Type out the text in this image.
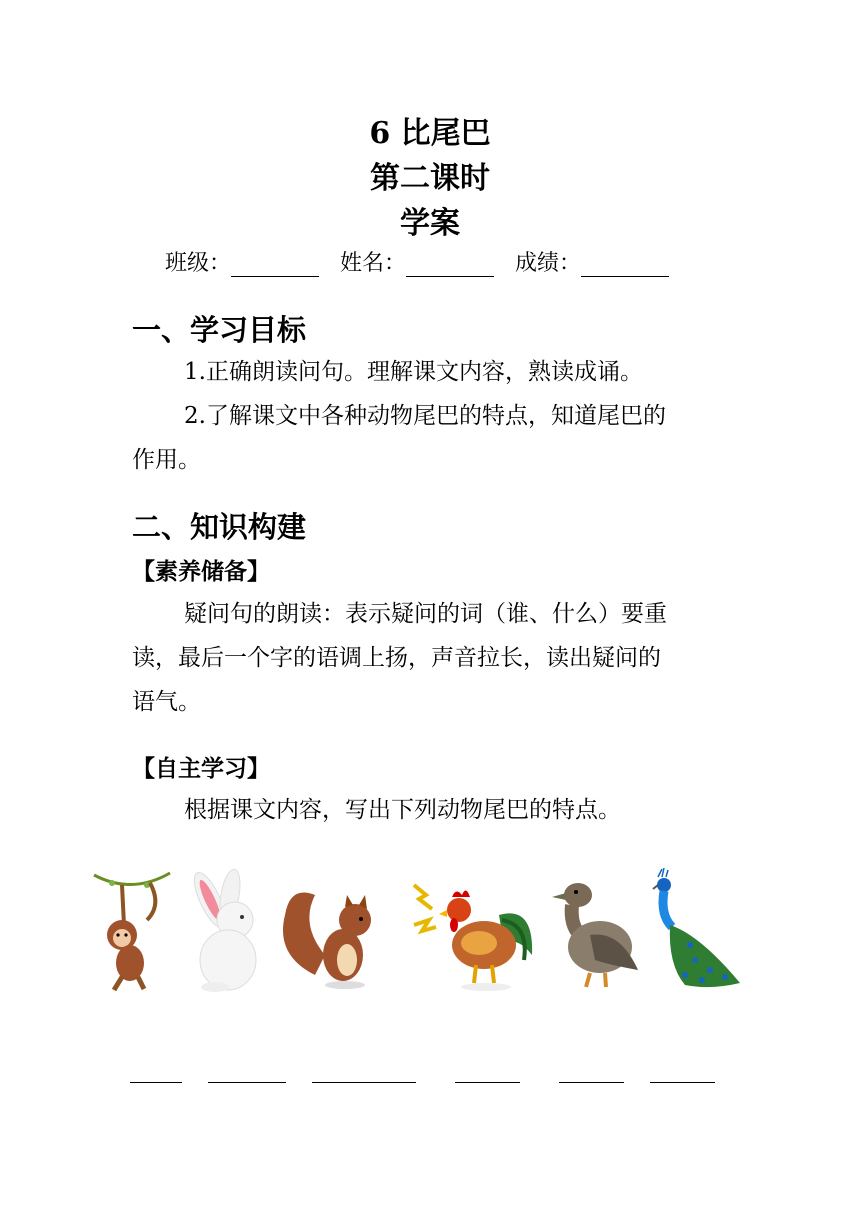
6 比尾巴
第二课时
学案
班级：	姓名：	成绩：
一、学习目标
1.正确朗读问句。理解课文内容，熟读成诵。
2.了解课文中各种动物尾巴的特点，知道尾巴的
作用。
二、知识构建
【素养储备】
疑问句的朗读：表示疑问的词（谁、什么）要重
读，最后一个字的语调上扬，声音拉长，读出疑问的
语气。
【自主学习】
根据课文内容，写出下列动物尾巴的特点。
